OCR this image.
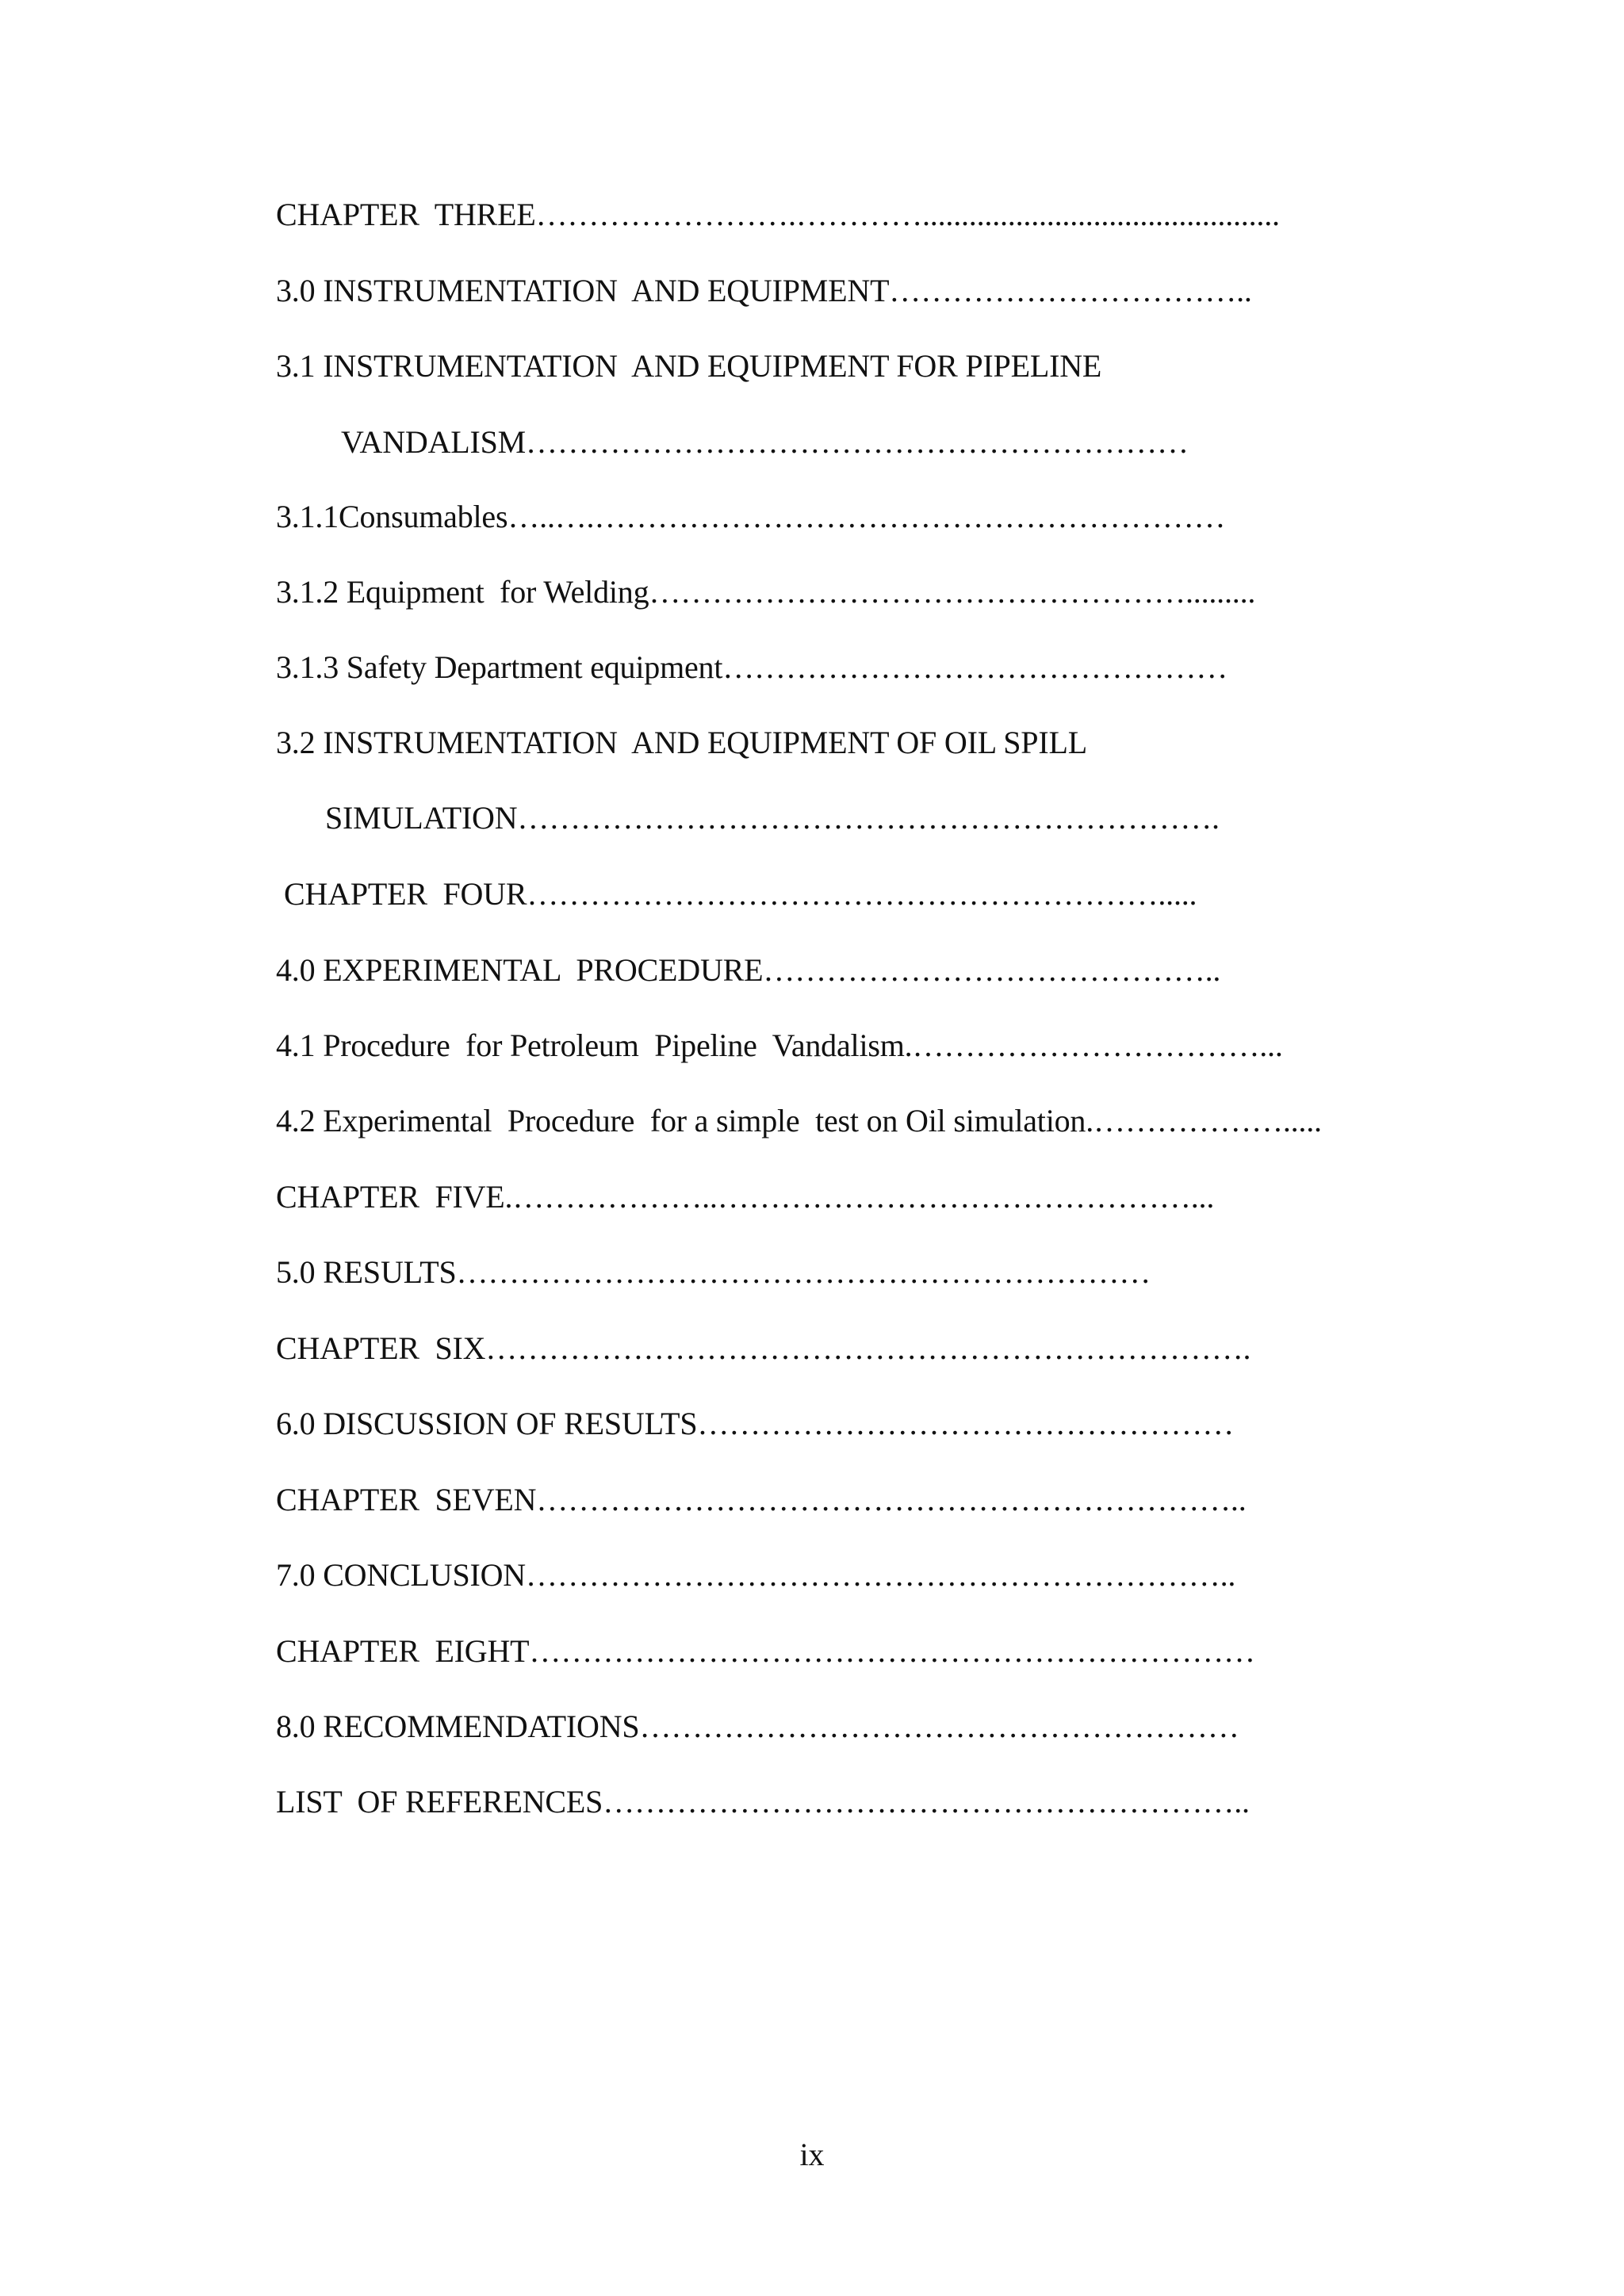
CHAPTER  THREE…………………….…………..............................................
3.0 INSTRUMENTATION  AND EQUIPMENT……………………………..
3.1 INSTRUMENTATION  AND EQUIPMENT FOR PIPELINE
VANDALISM………………………………………………………
3.1.1Consumables…..….……………………………………………………
3.1.2 Equipment  for Welding…………………………………………….........
3.1.3 Safety Department equipment…………………………………………
3.2 INSTRUMENTATION  AND EQUIPMENT OF OIL SPILL
SIMULATION………………………………………………………….
CHAPTER  FOUR…………………………………………………….....
4.0 EXPERIMENTAL  PROCEDURE……………………………………..
4.1 Procedure  for Petroleum  Pipeline  Vandalism.……………………………...
4.2 Experimental  Procedure  for a simple  test on Oil simulation.……………….....
CHAPTER  FIVE.………………..………………………………………...
5.0 RESULTS…………………………………………………………
CHAPTER  SIX……………………………………………………………….
6.0 DISCUSSION OF RESULTS……………………………………………
CHAPTER  SEVEN…………………………………………………………..
7.0 CONCLUSION…………………………………………………………..
CHAPTER  EIGHT……………………………………………………………
8.0 RECOMMENDATIONS…………………………………………………
LIST  OF REFERENCES……………………………………………………..
ix
